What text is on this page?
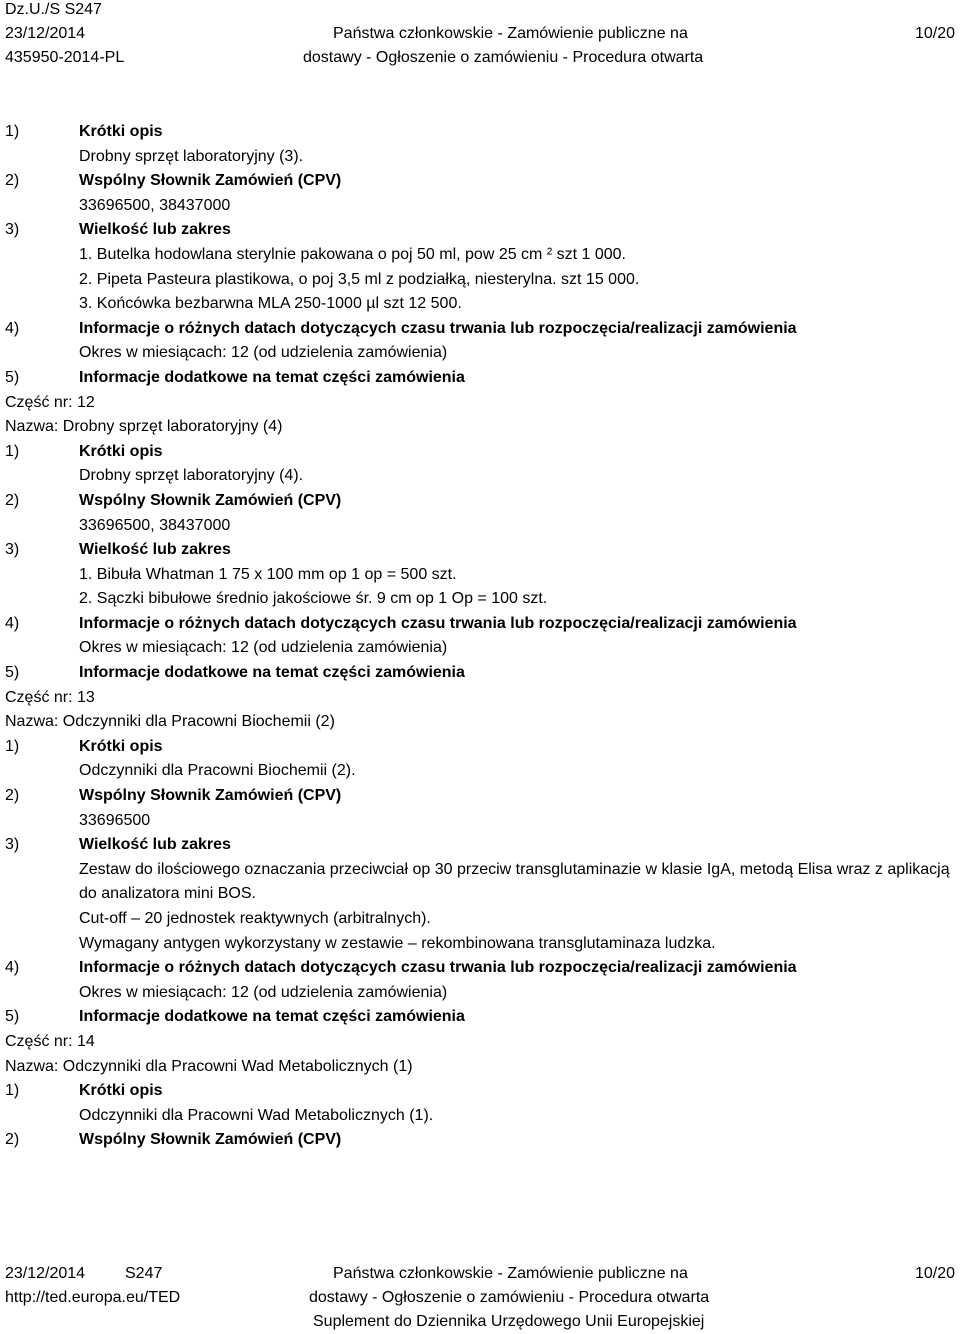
Dz.U./S S247
23/12/2014
435950-2014-PL
Państwa członkowskie - Zamówienie publiczne na
dostawy - Ogłoszenie o zamówieniu - Procedura otwarta
10/20
1)	Krótki opis
Drobny sprzęt laboratoryjny (3).
2)	Wspólny Słownik Zamówień (CPV)
33696500, 38437000
3)	Wielkość lub zakres
1. Butelka hodowlana sterylnie pakowana o poj 50 ml, pow 25 cm ² szt 1 000.
2. Pipeta Pasteura plastikowa, o poj 3,5 ml z podziałką, niesterylna. szt 15 000.
3. Końcówka bezbarwna MLA 250-1000 µl szt 12 500.
4)	Informacje o różnych datach dotyczących czasu trwania lub rozpoczęcia/realizacji zamówienia
Okres w miesiącach: 12 (od udzielenia zamówienia)
5)	Informacje dodatkowe na temat części zamówienia
Część nr: 12
Nazwa: Drobny sprzęt laboratoryjny (4)
1)	Krótki opis
Drobny sprzęt laboratoryjny (4).
2)	Wspólny Słownik Zamówień (CPV)
33696500, 38437000
3)	Wielkość lub zakres
1. Bibuła Whatman 1 75 x 100 mm op 1 op = 500 szt.
2. Sączki bibułowe średnio jakościowe śr. 9 cm op 1 Op = 100 szt.
4)	Informacje o różnych datach dotyczących czasu trwania lub rozpoczęcia/realizacji zamówienia
Okres w miesiącach: 12 (od udzielenia zamówienia)
5)	Informacje dodatkowe na temat części zamówienia
Część nr: 13
Nazwa: Odczynniki dla Pracowni Biochemii (2)
1)	Krótki opis
Odczynniki dla Pracowni Biochemii (2).
2)	Wspólny Słownik Zamówień (CPV)
33696500
3)	Wielkość lub zakres
Zestaw do ilościowego oznaczania przeciwciał op 30 przeciw transglutaminazie w klasie IgA, metodą Elisa wraz z aplikacją do analizatora mini BOS.
Cut-off – 20 jednostek reaktywnych (arbitralnych).
Wymagany antygen wykorzystany w zestawie – rekombinowana transglutaminaza ludzka.
4)	Informacje o różnych datach dotyczących czasu trwania lub rozpoczęcia/realizacji zamówienia
Okres w miesiącach: 12 (od udzielenia zamówienia)
5)	Informacje dodatkowe na temat części zamówienia
Część nr: 14
Nazwa: Odczynniki dla Pracowni Wad Metabolicznych (1)
1)	Krótki opis
Odczynniki dla Pracowni Wad Metabolicznych (1).
2)	Wspólny Słownik Zamówień (CPV)
23/12/2014 S247
http://ted.europa.eu/TED
Państwa członkowskie - Zamówienie publiczne na
dostawy - Ogłoszenie o zamówieniu - Procedura otwarta
Suplement do Dziennika Urzędowego Unii Europejskiej
10/20
